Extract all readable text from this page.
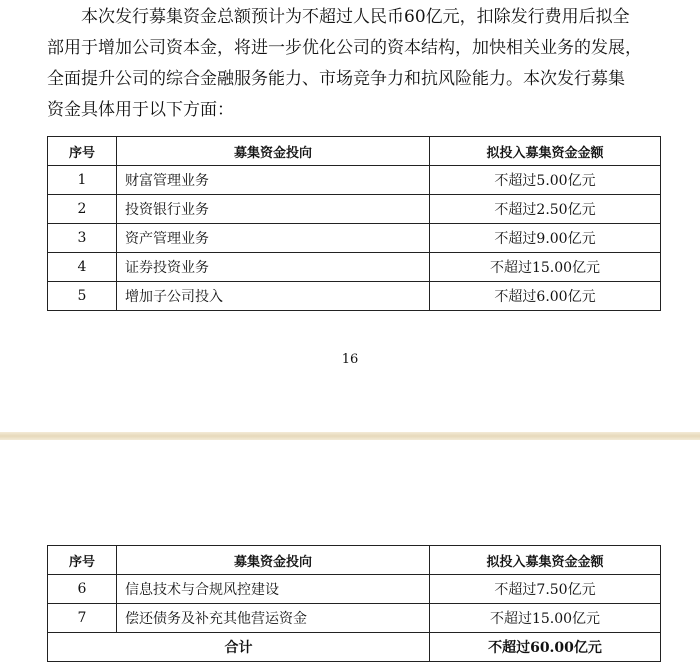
本次发行募集资金总额预计为不超过人民币60亿元，扣除发行费用后拟全
部用于增加公司资本金，将进一步优化公司的资本结构，加快相关业务的发展，
全面提升公司的综合金融服务能力、市场竞争力和抗风险能力。本次发行募集
资金具体用于以下方面：

序号	募集资金投向	拟投入募集资金金额
1	财富管理业务	不超过5.00亿元
2	投资银行业务	不超过2.50亿元
3	资产管理业务	不超过9.00亿元
4	证券投资业务	不超过15.00亿元
5	增加子公司投入	不超过6.00亿元
16
序号	募集资金投向	拟投入募集资金金额
6	信息技术与合规风控建设	不超过7.50亿元
7	偿还债务及补充其他营运资金	不超过15.00亿元
合计		不超过60.00亿元
